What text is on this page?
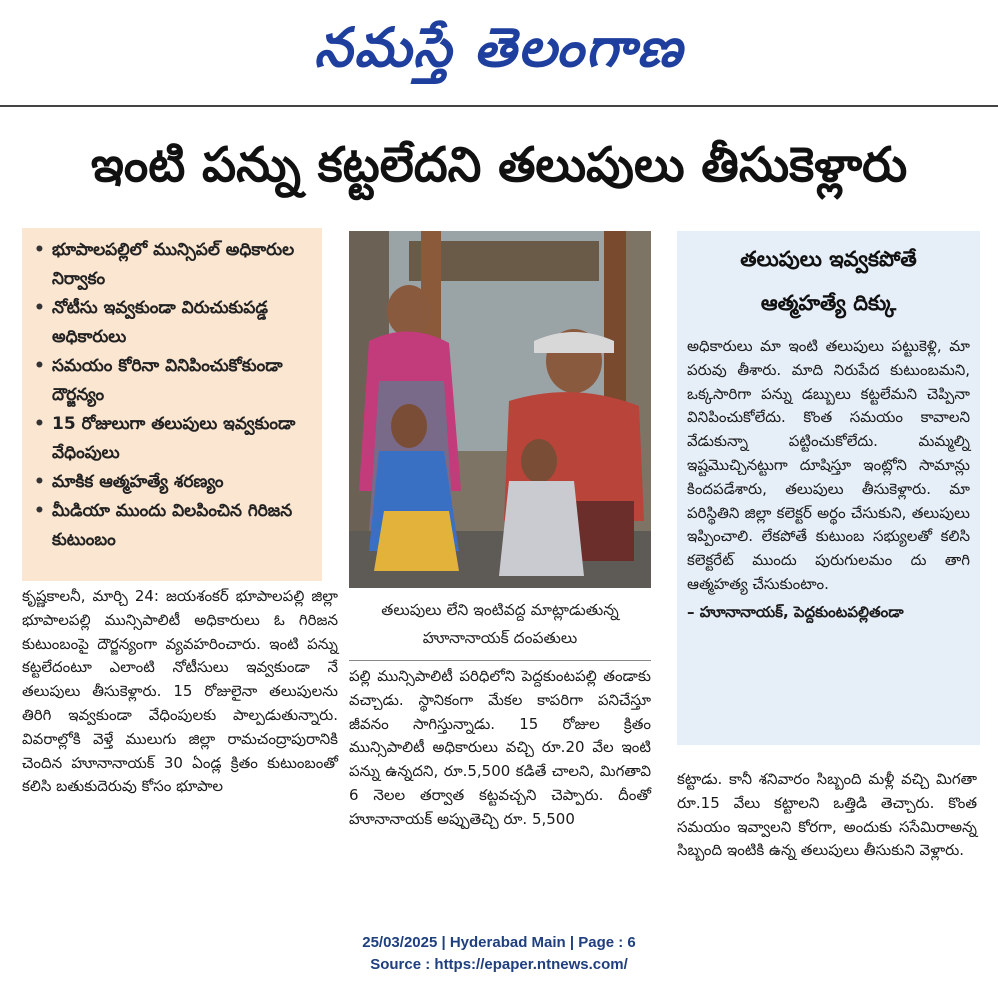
నమస్తే తెలంగాణ
ఇంటి పన్ను కట్టలేదని తలుపులు తీసుకెళ్లారు
• భూపాలపల్లిలో మున్సిపల్ అధికారుల నిర్వాకం
• నోటీసు ఇవ్వకుండా విరుచుకుపడ్డ అధికారులు
• సమయం కోరినా వినిపించుకోకుండా దౌర్జన్యం
• 15 రోజులుగా తలుపులు ఇవ్వకుండా వేధింపులు
• మాకిక ఆత్మహత్యే శరణ్యం
• మీడియా ముందు విలపించిన గిరిజన కుటుంబం
తలుపులు లేని ఇంటివద్ద మాట్లాడుతున్న హూనానాయక్ దంపతులు
కృష్ణకాలనీ, మార్చి 24: జయశంకర్ భూపాలపల్లి జిల్లా భూపాలపల్లి మున్సిపాలిటీ అధికారులు ఓ గిరిజన కుటుంబంపై దౌర్జన్యంగా వ్యవహరించారు. ఇంటి పన్ను కట్టలేదంటూ ఎలాంటి నోటీసులు ఇవ్వకుండా నే తలుపులు తీసుకెళ్లారు. 15 రోజులైనా తలుపులను తిరిగి ఇవ్వకుండా వేధింపులకు పాల్పడుతున్నారు. వివరాల్లోకి వెళ్తే ములుగు జిల్లా రామచంద్రాపురానికి చెందిన హూనానాయక్ 30 ఏండ్ల క్రితం కుటుంబంతో కలిసి బతుకుదెరువు కోసం భూపాల
పల్లి మున్సిపాలిటీ పరిధిలోని పెద్దకుంటపల్లి తండాకు వచ్చాడు. స్థానికంగా మేకల కాపరిగా పనిచేస్తూ జీవనం సాగిస్తున్నాడు. 15 రోజుల క్రితం మున్సిపాలిటీ అధికారులు వచ్చి రూ.20 వేల ఇంటి పన్ను ఉన్నదని, రూ.5,500 కడితే చాలని, మిగతావి 6 నెలల తర్వాత కట్టవచ్చని చెప్పారు. దీంతో హూనానాయక్ అప్పుతెచ్చి రూ. 5,500
తలుపులు ఇవ్వకపోతే
ఆత్మహత్యే దిక్కు
అధికారులు మా ఇంటి తలుపులు పట్టుకెళ్లి, మా పరువు తీశారు. మాది నిరుపేద కుటుంబమని, ఒక్కసారిగా పన్ను డబ్బులు కట్టలేమని చెప్పినా వినిపించుకోలేదు. కొంత సమయం కావాలని వేడుకున్నా పట్టించుకోలేదు. మమ్మల్ని ఇష్టమొచ్చినట్టుగా దూషిస్తూ ఇంట్లోని సామాన్లు కిందపడేశారు, తలుపులు తీసుకెళ్లారు. మా పరిస్థితిని జిల్లా కలెక్టర్ అర్థం చేసుకుని, తలుపులు ఇప్పించాలి. లేకపోతే కుటుంబ సభ్యులతో కలిసి కలెక్టరేట్ ముందు పురుగులమం దు తాగి ఆత్మహత్య చేసుకుంటాం.
– హూనానాయక్, పెద్దకుంటపల్లితండా
కట్టాడు. కానీ శనివారం సిబ్బంది మళ్లీ వచ్చి మిగతా రూ.15 వేలు కట్టాలని ఒత్తిడి తెచ్చారు. కొంత సమయం ఇవ్వాలని కోరగా, అందుకు ససేమిరాఅన్న సిబ్బంది ఇంటికి ఉన్న తలుపులు తీసుకుని వెళ్లారు.
25/03/2025 | Hyderabad Main | Page : 6
Source : https://epaper.ntnews.com/
